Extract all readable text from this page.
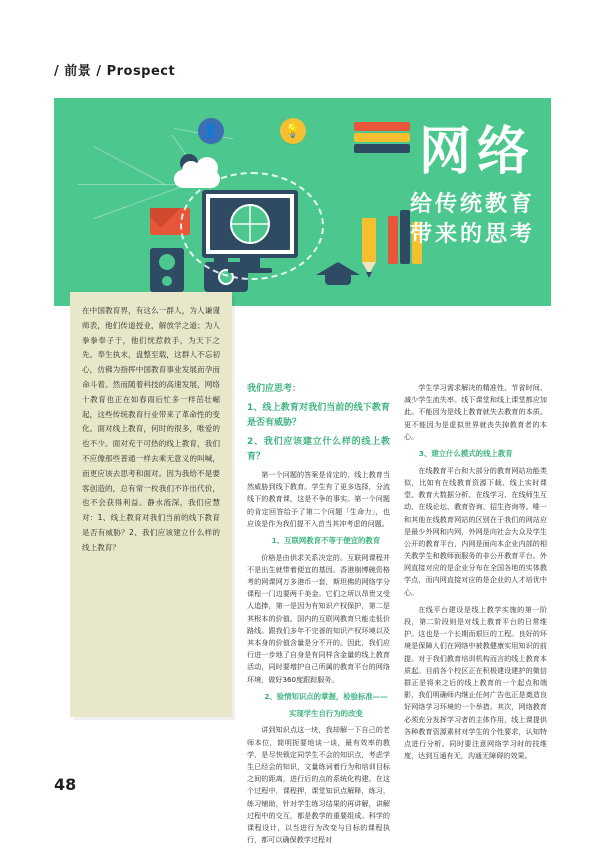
/ 前景 / Prospect
👤	💡 网络
给传统教育
带来的思考

在中国教育界，有这么一群人，为人谦谨师表，他们传道授业，解放学之道；为人拳拳奉子于，他们恍惹救手，为天下之先。奉生执末，盘整至载，这群人不忘初心，仿佛为指挥中国教育事业发展而孕而命斗着。然而随着科技的高速发展，网络十教育也正在如春雨后忙多一样茁壮崛起，这些传统教育行业带来了革命性的变化。面对线上教育，何时的很多，唯爱的也不少。面对充于可热的线上教育，我们不应像那些普通一样去乘无意义的叫喊，而更应该去思考和面对。因为我给不是要客创造的，总有常一枚我们不许出代价，也不会获得利益。静水流深，我们应慧对：1、线上教育对我们当前的线下教育是否有威胁？2、我们应该建立什么样的线上教育？

我们应思考：

1、线上教育对我们当前的线下教育是否有威胁？

2、我们应该建立什么样的线上教育？

第一个问题的答案是肯定的，线上教育当然威胁到线下教育。学生有了更多选择，分流线下的教育课，这是不争的事实。第一个问题的肯定回答给予了第二个问题「生命力」，也应该是作为我们提不入首当其冲考虑的问题。

1、互联网教育不等于便宜的教育

价格是由供求关系决定的。互联网课程并不是出生就带着便宜的基因。香港崩博碗资格考的网课网万多港币一套，斯坦佛的网络学分课程一门边要两千美金。它们之所以昂贵又受人追捧，第一是因为有知识产权保护，第二是其根本的价值。国内的互联网教育只能走低价路线。跟我们多年不完善的知识产权环境以及其本身的价值含量是分不开的。因此，我们应行进一步地了自身是有同样含金量的线上教育活动，同时要增护自己所属的教育平台的网络环境，做好360度跟踪服务。

2、验情知识点的掌握，检验标准——

实现学生自行为的改变

讲到知识点这一块，我却解一下自己的老师本位，简明扼要地谈一谈，最有效率的教学，是尽快锁定同学生不会的知识点，考虑学生已经会的知识，文量练词着行为和培训目标之间的距离，进行后的点的系统化构建。在这个过程中，课程押，课堂知识点解释，练习，练习铺助，针对学生练习结果的再讲解，讲解过程中的交互，都是教学的重要组成。科学的课程设计，以当进行为改变与目标的课程执行，都可以确保教学过程对

学生学习需求解决的精准性、节省时间、减少学生流失率。线下课堂和线上课堂都应加此。不能因为是线上教育就失去教育的本质。更不能因为是虚拟世界就丧失掉教育者的本心。

3、建立什么模式的线上教育

在线教育平台和大部分的教育网站功能类似，比如有在线教育资源下载、线上实时课堂、教育大数据分析、在线学习、在线师生互动、在线论坛、教育咨询、招生咨询等。唯一和其他在线教育网站的区别在于我们的网站应是最少外网和内网，外网是向社会大众及学生公开的教育平台，内网是面向本企业内部的相关教学生和教师面服务的非公开教育平台。外网直接对应的是企业分布在全国各地的实体教学点，而内网直接对应的是企业的人才培优中心。

在线平台建设是线上教学实施的第一阶段，第二阶段则是对线上教育平台的日常维护。这也是一个长期而艰巨的工程。良好的环境是保障人们在网络中被教健康实用知识的前提。对于我们教育培训机构而言的线上教育本质起。目前各个校区正在积极建设建护的微信群正是将来之后的线上教育的一个起点和端影，我们明确师内继止任何广告也正是奠造良好网络学习环境的一个举措。其次，网络教育必须充分发挥学习者的主体作用，线上课提供各种教育资源素材对学生的个性要求，认知特点进行分析。同时要注意网络学习时的技维度，达到互通有无，沟通无障碍的效果。

48
